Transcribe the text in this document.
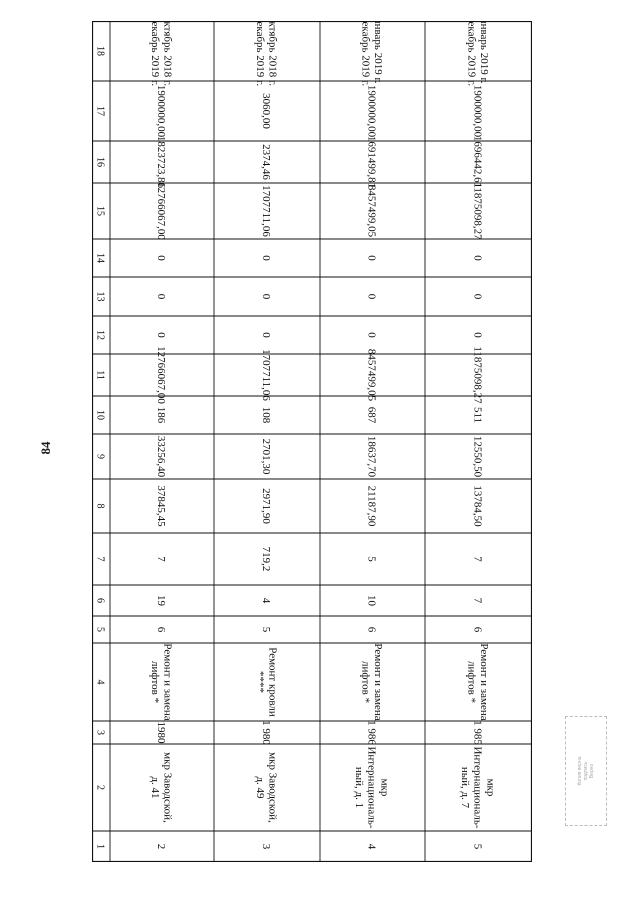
84
18	октябрь 2018 г.декабрь 2019 г.	октябрь 2018 г.декабрь 2019 г.	январь 2019 г.декабрь 2019 г.	январь 2019 г.декабрь 2019 г.
17	1900000,00	3060,00	1900000,00	1900000,00
16	1823723,86	2374,46	1691499,81	1696442,61
15	12766067,00	1707711,06	8457499,05	11875098,27
14	0	0	0	0
13	0	0	0	0
12	0	0	0	0
11	12766067,00	1707711,06	8457499,05	11875098,27
10	186	108	687	511
9	33256,40	2701,30	18637,70	12550,50
8	37845,45	2971,90	21187,90	13784,50
7	7	719,2	5	7
6	19	4	10	7
5	6	5	6	6
4	Ремонт и заменалифтов *	Ремонт кровли****	Ремонт и заменалифтов *	Ремонт и заменалифтов *
3	1980	1 980	1 986	1 985
2	мкр Заводской,д. 41	мкр Заводской,д. 49	мкрИнтернациональ-ный, д. 1	мкрИнтернациональ-ный, д. 7
1	2	3	4	5
Копия верна
подпись
Верно
